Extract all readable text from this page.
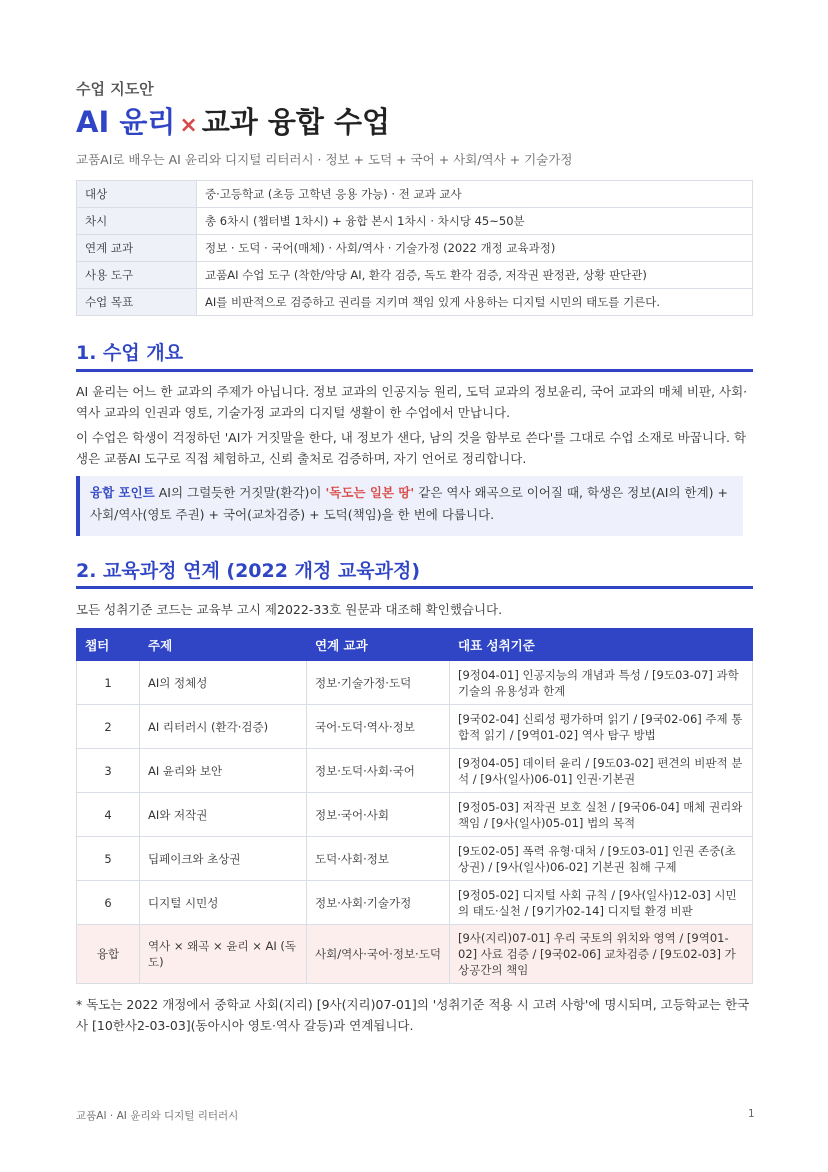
수업 지도안
AI 윤리 × 교과 융합 수업
교품AI로 배우는 AI 윤리와 디지털 리터러시 · 정보 + 도덕 + 국어 + 사회/역사 + 기술가정
대상	중·고등학교 (초등 고학년 응용 가능) · 전 교과 교사
차시	총 6차시 (챕터별 1차시) + 융합 본시 1차시 · 차시당 45~50분
연계 교과	정보 · 도덕 · 국어(매체) · 사회/역사 · 기술가정 (2022 개정 교육과정)
사용 도구	교품AI 수업 도구 (착한/악당 AI, 환각 검증, 독도 환각 검증, 저작권 판정관, 상황 판단관)
수업 목표	AI를 비판적으로 검증하고 권리를 지키며 책임 있게 사용하는 디지털 시민의 태도를 기른다.
1. 수업 개요
AI 윤리는 어느 한 교과의 주제가 아닙니다. 정보 교과의 인공지능 원리, 도덕 교과의 정보윤리, 국어 교과의 매체 비판, 사회·역사 교과의 인권과 영토, 기술가정 교과의 디지털 생활이 한 수업에서 만납니다.
이 수업은 학생이 걱정하던 'AI가 거짓말을 한다, 내 정보가 샌다, 남의 것을 함부로 쓴다'를 그대로 수업 소재로 바꿉니다. 학생은 교품AI 도구로 직접 체험하고, 신뢰 출처로 검증하며, 자기 언어로 정리합니다.
융합 포인트 AI의 그럴듯한 거짓말(환각)이 '독도는 일본 땅' 같은 역사 왜곡으로 이어질 때, 학생은 정보(AI의 한계) + 사회/역사(영토 주권) + 국어(교차검증) + 도덕(책임)을 한 번에 다룹니다.
2. 교육과정 연계 (2022 개정 교육과정)
모든 성취기준 코드는 교육부 고시 제2022-33호 원문과 대조해 확인했습니다.
챕터	주제	연계 교과	대표 성취기준
1	AI의 정체성	정보·기술가정·도덕	[9정04-01] 인공지능의 개념과 특성 / [9도03-07] 과학기술의 유용성과 한계
2	AI 리터러시 (환각·검증)	국어·도덕·역사·정보	[9국02-04] 신뢰성 평가하며 읽기 / [9국02-06] 주제 통합적 읽기 / [9역01-02] 역사 탐구 방법
3	AI 윤리와 보안	정보·도덕·사회·국어	[9정04-05] 데이터 윤리 / [9도03-02] 편견의 비판적 분석 / [9사(일사)06-01] 인권·기본권
4	AI와 저작권	정보·국어·사회	[9정05-03] 저작권 보호 실천 / [9국06-04] 매체 권리와 책임 / [9사(일사)05-01] 법의 목적
5	딥페이크와 초상권	도덕·사회·정보	[9도02-05] 폭력 유형·대처 / [9도03-01] 인권 존중(초상권) / [9사(일사)06-02] 기본권 침해 구제
6	디지털 시민성	정보·사회·기술가정	[9정05-02] 디지털 사회 규칙 / [9사(일사)12-03] 시민의 태도·실천 / [9기가02-14] 디지털 환경 비판
융합	역사 × 왜곡 × 윤리 × AI (독도)	사회/역사·국어·정보·도덕	[9사(지리)07-01] 우리 국토의 위치와 영역 / [9역01-02] 사료 검증 / [9국02-06] 교차검증 / [9도02-03] 가상공간의 책임
* 독도는 2022 개정에서 중학교 사회(지리) [9사(지리)07-01]의 '성취기준 적용 시 고려 사항'에 명시되며, 고등학교는 한국사 [10한사2-03-03](동아시아 영토·역사 갈등)과 연계됩니다.
교품AI · AI 윤리와 디지털 리터러시	1
